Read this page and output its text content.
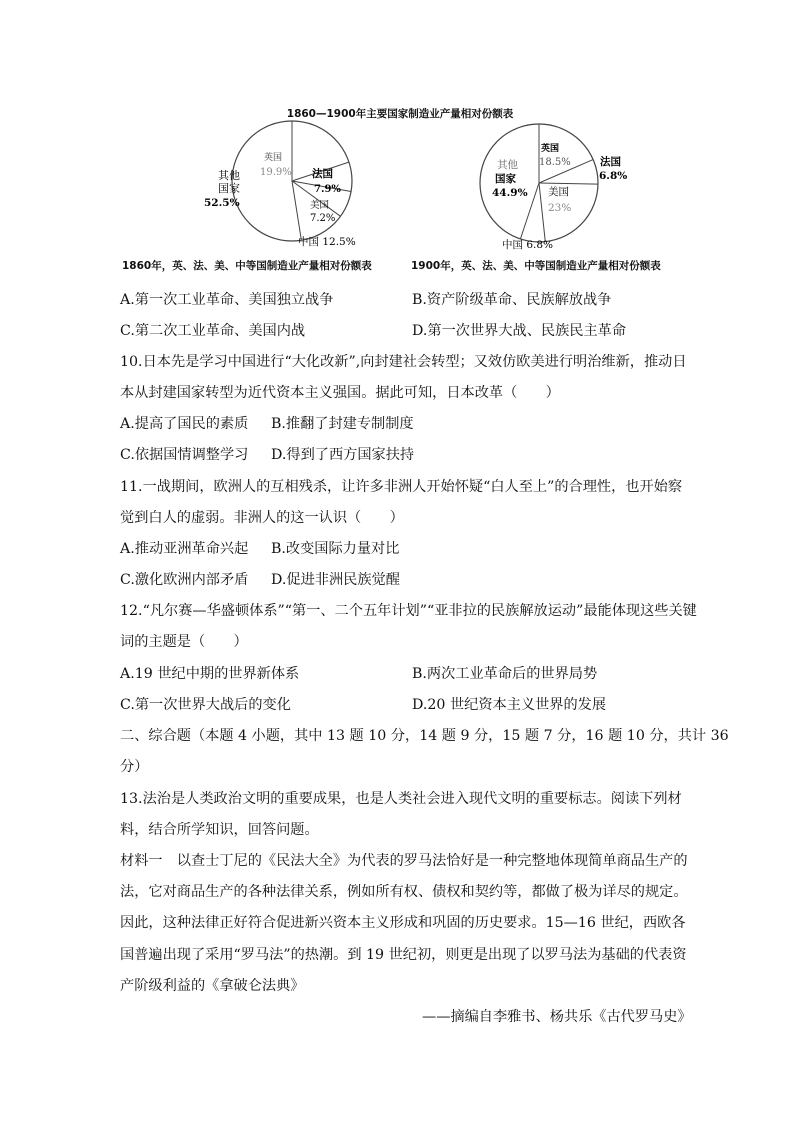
1860—1900年主要国家制造业产量相对份额表
英国
19.9% 法国
7.9%
美国
7.2%
中国 12.5%
其他
国家
52.5%
英国
18.5%	法国
6.8%
美国
23%
中国 6.8%
其他
国家
44.9%
1860年，英、法、美、中等国制造业产量相对份额表	1900年，英、法、美、中等国制造业产量相对份额表
A.第一次工业革命、美国独立战争	B.资产阶级革命、民族解放战争
C.第二次工业革命、美国内战	D.第一次世界大战、民族民主革命
10.日本先是学习中国进行“大化改新”,向封建社会转型；又效仿欧美进行明治维新，推动日
本从封建国家转型为近代资本主义强国。据此可知，日本改革（　　）
A.提高了国民的素质 B.推翻了封建专制制度
C.依据国情调整学习 D.得到了西方国家扶持
11.一战期间，欧洲人的互相残杀，让许多非洲人开始怀疑“白人至上”的合理性，也开始察
觉到白人的虚弱。非洲人的这一认识（　　）
A.推动亚洲革命兴起 B.改变国际力量对比
C.激化欧洲内部矛盾 D.促进非洲民族觉醒
12.“凡尔赛—华盛顿体系”“第一、二个五年计划”“亚非拉的民族解放运动”最能体现这些关键
词的主题是（　　）
A.19 世纪中期的世界新体系	B.两次工业革命后的世界局势
C.第一次世界大战后的变化	D.20 世纪资本主义世界的发展
二、综合题（本题 4 小题，其中 13 题 10 分，14 题 9 分，15 题 7 分，16 题 10 分，共计 36
分）
13.法治是人类政治文明的重要成果，也是人类社会进入现代文明的重要标志。阅读下列材
料，结合所学知识，回答问题。
材料一　以查士丁尼的《民法大全》为代表的罗马法恰好是一种完整地体现简单商品生产的
法，它对商品生产的各种法律关系，例如所有权、债权和契约等，都做了极为详尽的规定。
因此，这种法律正好符合促进新兴资本主义形成和巩固的历史要求。15—16 世纪，西欧各
国普遍出现了采用“罗马法”的热潮。到 19 世纪初，则更是出现了以罗马法为基础的代表资
产阶级利益的《拿破仑法典》
——摘编自李雅书、杨共乐《古代罗马史》
